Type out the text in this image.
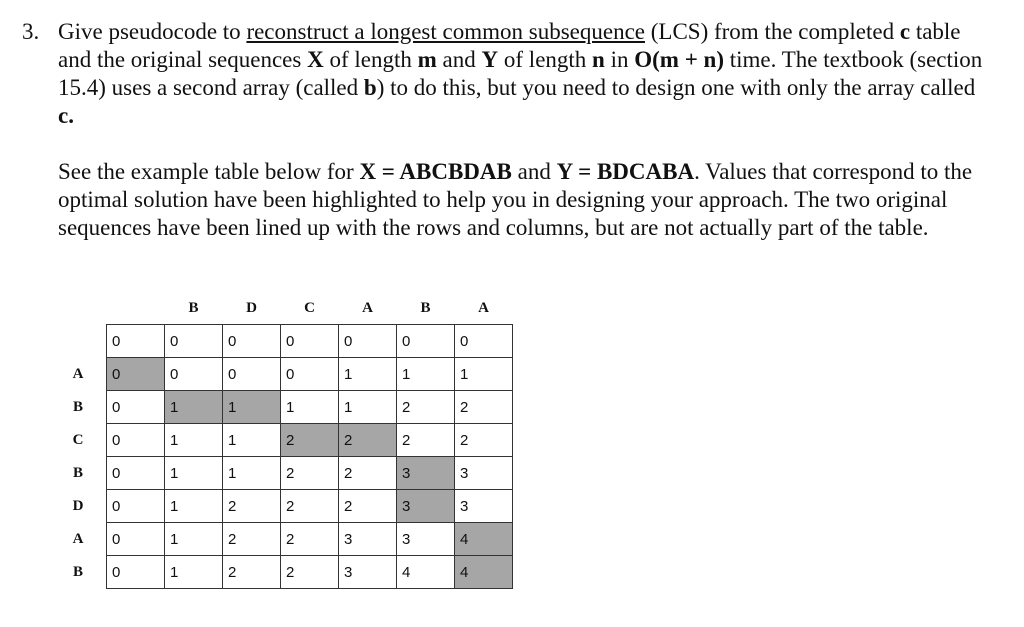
3. Give pseudocode to reconstruct a longest common subsequence (LCS) from the completed c table and the original sequences X of length m and Y of length n in O(m + n) time. The textbook (section 15.4) uses a second array (called b) to do this, but you need to design one with only the array called c.
See the example table below for X = ABCBDAB and Y = BDCABA. Values that correspond to the optimal solution have been highlighted to help you in designing your approach. The two original sequences have been lined up with the rows and columns, but are not actually part of the table.
		B	D	C	A	B	A
	0	0	0	0	0	0	0
A	0	0	0	0	1	1	1
B	0	1	1	1	1	2	2
C	0	1	1	2	2	2	2
B	0	1	1	2	2	3	3
D	0	1	2	2	2	3	3
A	0	1	2	2	3	3	4
B	0	1	2	2	3	4	4
